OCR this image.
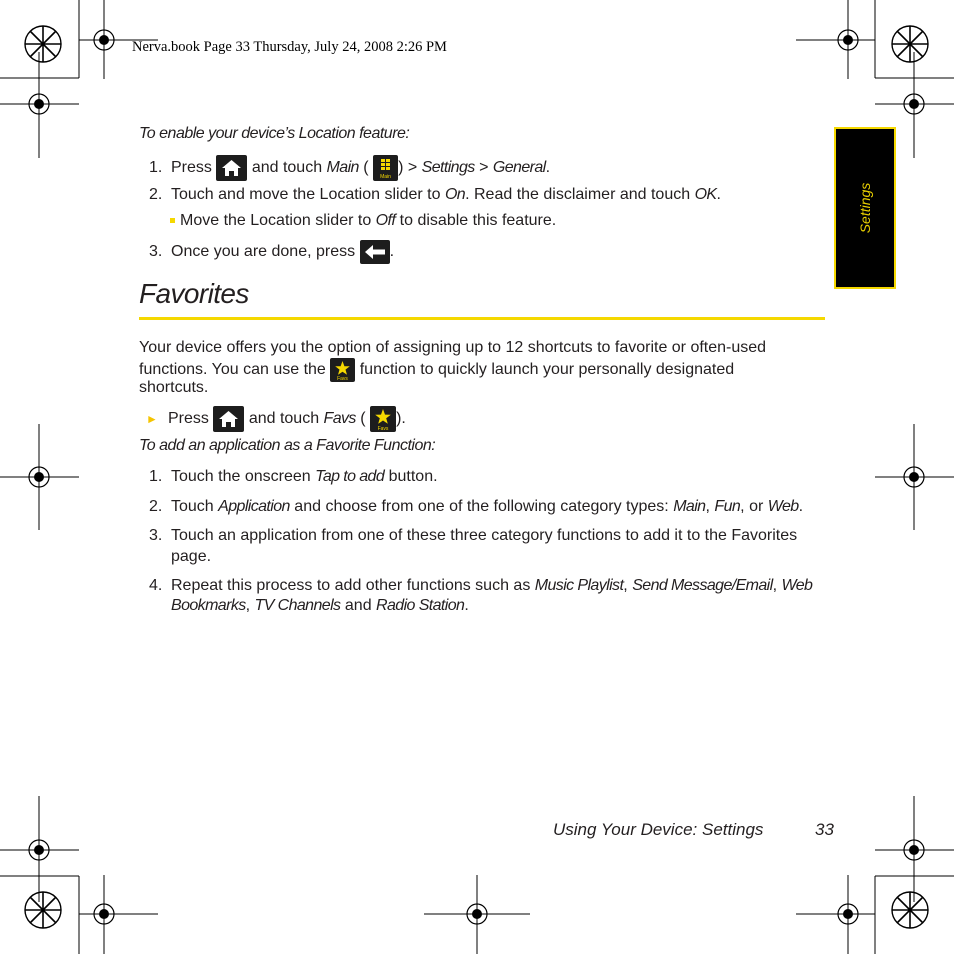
Nerva.book Page 33 Thursday, July 24, 2008 2:26 PM
Settings
To enable your device’s Location feature:
1. Press and touch Main (
Main
) > Settings > General.
2. Touch and move the Location slider to On. Read the disclaimer and touch OK.
Move the Location slider to Off to disable this feature.
3. Once you are done, press .
Favorites
Your device offers you the option of assigning up to 12 shortcuts to favorite or often-used
functions. You can use the
Favs
function to quickly launch your personally designated
shortcuts.
► Press and touch Favs (
Favs
).
To add an application as a Favorite Function:
1. Touch the onscreen Tap to add button.
2. Touch Application and choose from one of the following category types: Main, Fun, or Web.
3. Touch an application from one of these three category functions to add it to the Favorites
page.
4. Repeat this process to add other functions such as Music Playlist, Send Message/Email, Web
Bookmarks, TV Channels and Radio Station.
Using Your Device: Settings	33
